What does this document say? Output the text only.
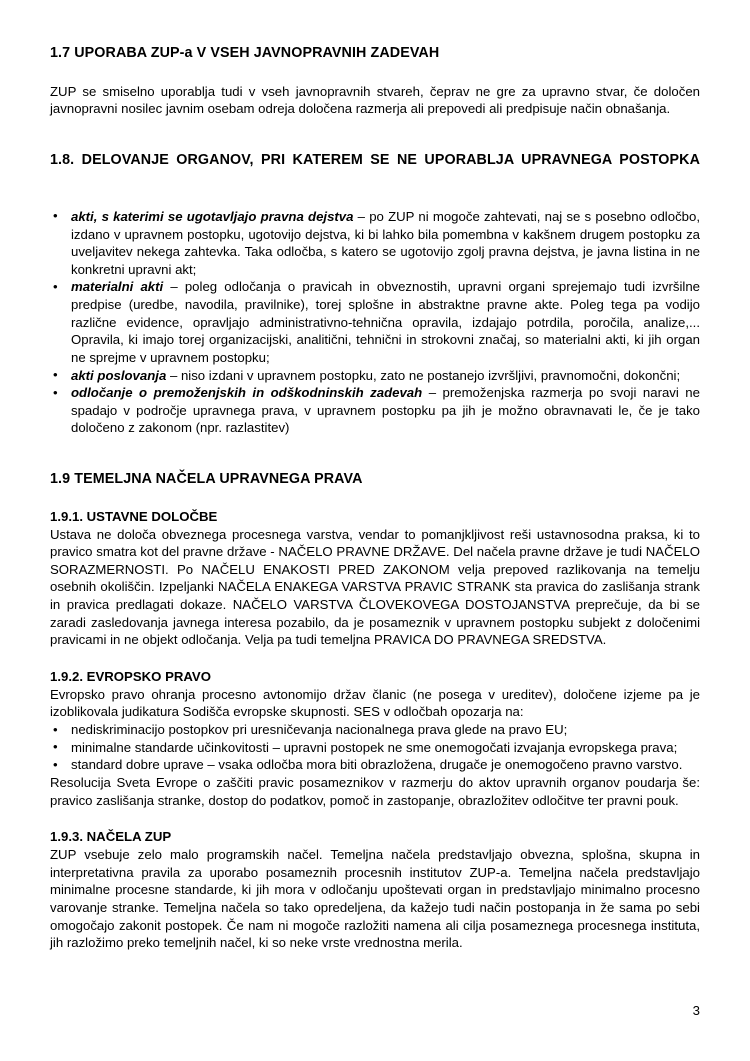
1.7 UPORABA ZUP-a V VSEH JAVNOPRAVNIH ZADEVAH

ZUP se smiselno uporablja tudi v vseh javnopravnih stvareh, čeprav ne gre za upravno stvar, če določen javnopravni nosilec javnim osebam odreja določena razmerja ali prepovedi ali predpisuje način obnašanja.

1.8. DELOVANJE ORGANOV, PRI KATEREM SE NE UPORABLJA UPRAVNEGA POSTOPKA
• akti, s katerimi se ugotavljajo pravna dejstva – po ZUP ni mogoče zahtevati, naj se s posebno odločbo, izdano v upravnem postopku, ugotovijo dejstva, ki bi lahko bila pomembna v kakšnem drugem postopku za uveljavitev nekega zahtevka. Taka odločba, s katero se ugotovijo zgolj pravna dejstva, je javna listina in ne konkretni upravni akt;
• materialni akti – poleg odločanja o pravicah in obveznostih, upravni organi sprejemajo tudi izvršilne predpise (uredbe, navodila, pravilnike), torej splošne in abstraktne pravne akte. Poleg tega pa vodijo različne evidence, opravljajo administrativno-tehnična opravila, izdajajo potrdila, poročila, analize,... Opravila, ki imajo torej organizacijski, analitični, tehnični in strokovni značaj, so materialni akti, ki jih organ ne sprejme v upravnem postopku;
• akti poslovanja – niso izdani v upravnem postopku, zato ne postanejo izvršljivi, pravnomočni, dokončni;
• odločanje o premoženjskih in odškodninskih zadevah – premoženjska razmerja po svoji naravi ne spadajo v področje upravnega prava, v upravnem postopku pa jih je možno obravnavati le, če je tako določeno z zakonom (npr. razlastitev)
1.9 TEMELJNA NAČELA UPRAVNEGA PRAVA
1.9.1. USTAVNE DOLOČBE

Ustava ne določa obveznega procesnega varstva, vendar to pomanjkljivost reši ustavnosodna praksa, ki to pravico smatra kot del pravne države - NAČELO PRAVNE DRŽAVE. Del načela pravne države je tudi NAČELO SORAZMERNOSTI. Po NAČELU ENAKOSTI PRED ZAKONOM velja prepoved razlikovanja na temelju osebnih okoliščin. Izpeljanki NAČELA ENAKEGA VARSTVA PRAVIC STRANK sta pravica do zaslišanja strank in pravica predlagati dokaze. NAČELO VARSTVA ČLOVEKOVEGA DOSTOJANSTVA preprečuje, da bi se zaradi zasledovanja javnega interesa pozabilo, da je posameznik v upravnem postopku subjekt z določenimi pravicami in ne objekt odločanja. Velja pa tudi temeljna PRAVICA DO PRAVNEGA SREDSTVA.

1.9.2. EVROPSKO PRAVO

Evropsko pravo ohranja procesno avtonomijo držav članic (ne posega v ureditev), določene izjeme pa je izoblikovala judikatura Sodišča evropske skupnosti. SES v odločbah opozarja na:

• nediskriminacijo postopkov pri uresničevanja nacionalnega prava glede na pravo EU;
• minimalne standarde učinkovitosti – upravni postopek ne sme onemogočati izvajanja evropskega prava;
• standard dobre uprave – vsaka odločba mora biti obrazložena, drugače je onemogočeno pravno varstvo.

Resolucija Sveta Evrope o zaščiti pravic posameznikov v razmerju do aktov upravnih organov poudarja še: pravico zaslišanja stranke, dostop do podatkov, pomoč in zastopanje, obrazložitev odločitve ter pravni pouk.

1.9.3. NAČELA ZUP

ZUP vsebuje zelo malo programskih načel. Temeljna načela predstavljajo obvezna, splošna, skupna in interpretativna pravila za uporabo posameznih procesnih institutov ZUP-a. Temeljna načela predstavljajo minimalne procesne standarde, ki jih mora v odločanju upoštevati organ in predstavljajo minimalno procesno varovanje stranke. Temeljna načela so tako opredeljena, da kažejo tudi način postopanja in že sama po sebi omogočajo zakonit postopek. Če nam ni mogoče razložiti namena ali cilja posameznega procesnega instituta, jih razložimo preko temeljnih načel, ki so neke vrste vrednostna merila.

3
